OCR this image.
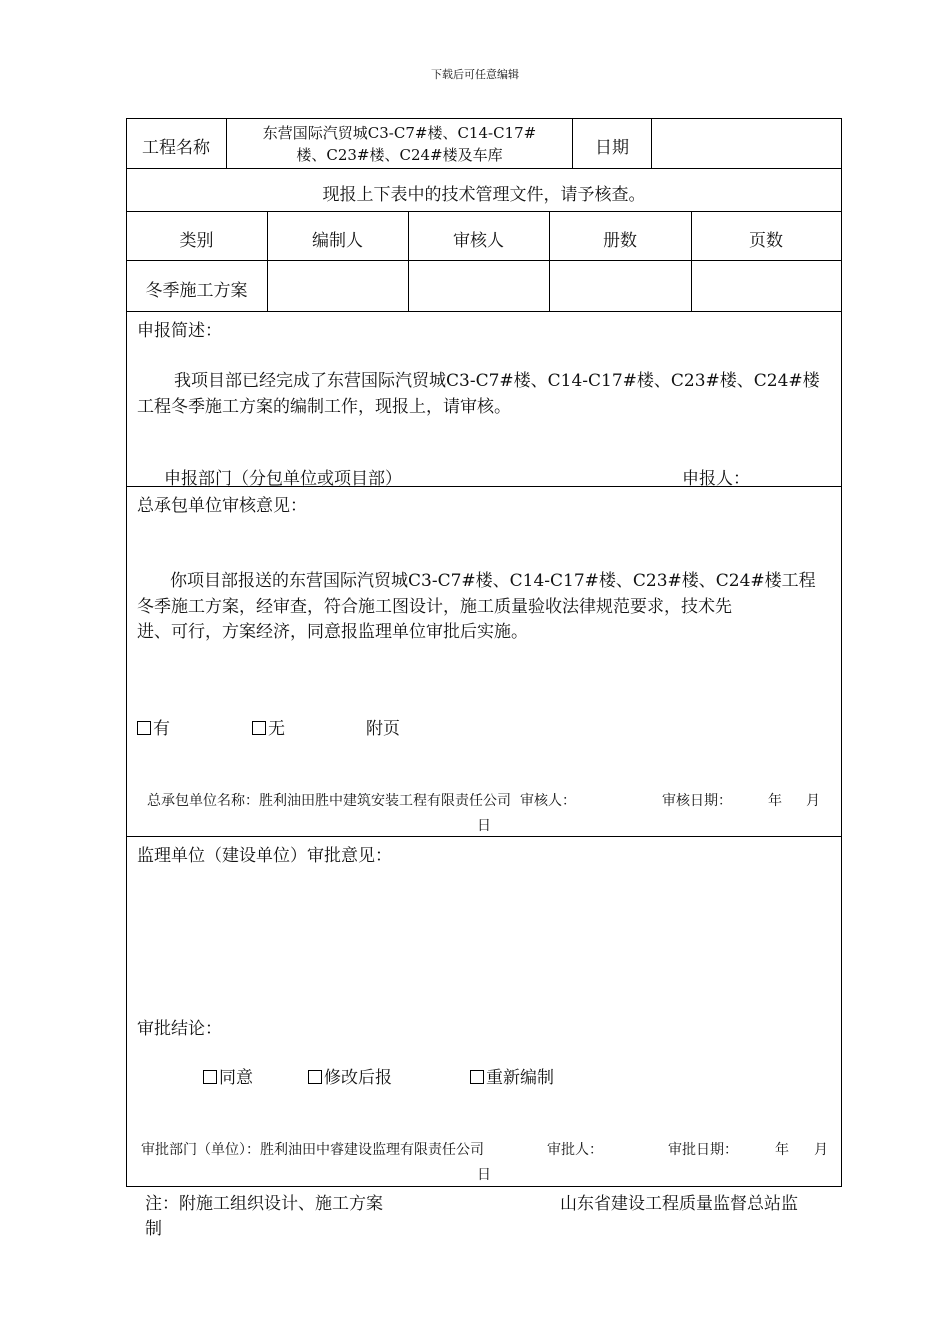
下载后可任意编辑
工程名称
东营国际汽贸城C3-C7#楼、C14-C17#
楼、C23#楼、C24#楼及车库	日期
现报上下表中的技术管理文件，请予核查。
类别	编制人	审核人	册数	页数
冬季施工方案
申报简述：
我项目部已经完成了东营国际汽贸城C3-C7#楼、C14-C17#楼、C23#楼、C24#楼
工程冬季施工方案的编制工作，现报上，请审核。
申报部门（分包单位或项目部）	申报人：
总承包单位审核意见：
你项目部报送的东营国际汽贸城C3-C7#楼、C14-C17#楼、C23#楼、C24#楼工程
冬季施工方案，经审查，符合施工图设计，施工质量验收法律规范要求，技术先
进、可行，方案经济，同意报监理单位审批后实施。
有	无	附页
总承包单位名称：胜利油田胜中建筑安装工程有限责任公司 审核人：	审核日期：	年 月
日
监理单位（建设单位）审批意见：
审批结论：
同意	修改后报	重新编制
审批部门（单位）：胜利油田中睿建设监理有限责任公司	审批人：	审批日期：	年 月
日
注：附施工组织设计、施工方案	山东省建设工程质量监督总站监
制
